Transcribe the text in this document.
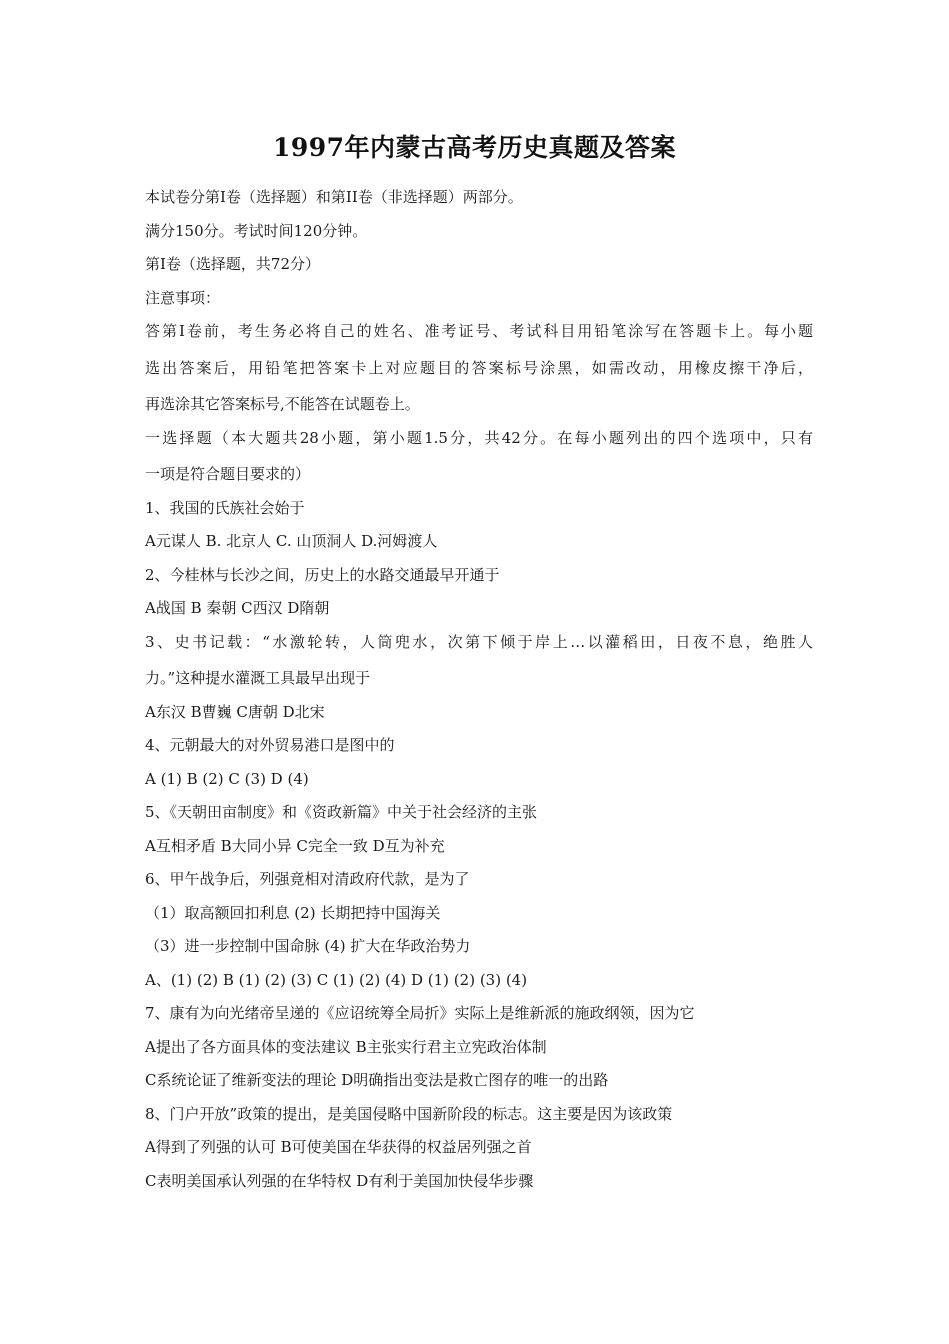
1997年内蒙古高考历史真题及答案
本试卷分第Ⅰ卷（选择题）和第II卷（非选择题）两部分。
满分150分。考试时间120分钟。
第Ⅰ卷（选择题，共72分）
注意事项：
答第Ⅰ卷前，考生务必将自己的姓名、准考证号、考试科目用铅笔涂写在答题卡上。每小题
选出答案后，用铅笔把答案卡上对应题目的答案标号涂黑，如需改动，用橡皮擦干净后，
再选涂其它答案标号,不能答在试题卷上。
一选择题（本大题共28小题，第小题1.5分，共42分。在每小题列出的四个选项中，只有
一项是符合题目要求的）
1、我国的氏族社会始于
A元谋人 B. 北京人 C. 山顶洞人 D.河姆渡人
2、今桂林与长沙之间，历史上的水路交通最早开通于
A战国 B 秦朝 C西汉 D隋朝
3、史书记载：“水激轮转，人筒兜水，次第下倾于岸上…以灌稻田，日夜不息，绝胜人
力。”这种提水灌溉工具最早出现于
A东汉 B曹巍 C唐朝 D北宋
4、元朝最大的对外贸易港口是图中的
A (1) B (2) C (3) D (4)
5、《天朝田亩制度》和《资政新篇》中关于社会经济的主张
A互相矛盾 B大同小异 C完全一致 D互为补充
6、甲午战争后，列强竟相对清政府代款，是为了
（1）取高额回扣利息 (2) 长期把持中国海关
（3）进一步控制中国命脉 (4) 扩大在华政治势力
A、(1) (2) B (1) (2) (3) C (1) (2) (4) D (1) (2) (3) (4)
7、康有为向光绪帝呈递的《应诏统筹全局折》实际上是维新派的施政纲领，因为它
A提出了各方面具体的变法建议 B主张实行君主立宪政治体制
C系统论证了维新变法的理论 D明确指出变法是救亡图存的唯一的出路
8、门户开放”政策的提出，是美国侵略中国新阶段的标志。这主要是因为该政策
A得到了列强的认可 B可使美国在华获得的权益居列强之首
C表明美国承认列强的在华特权 D有利于美国加快侵华步骤
